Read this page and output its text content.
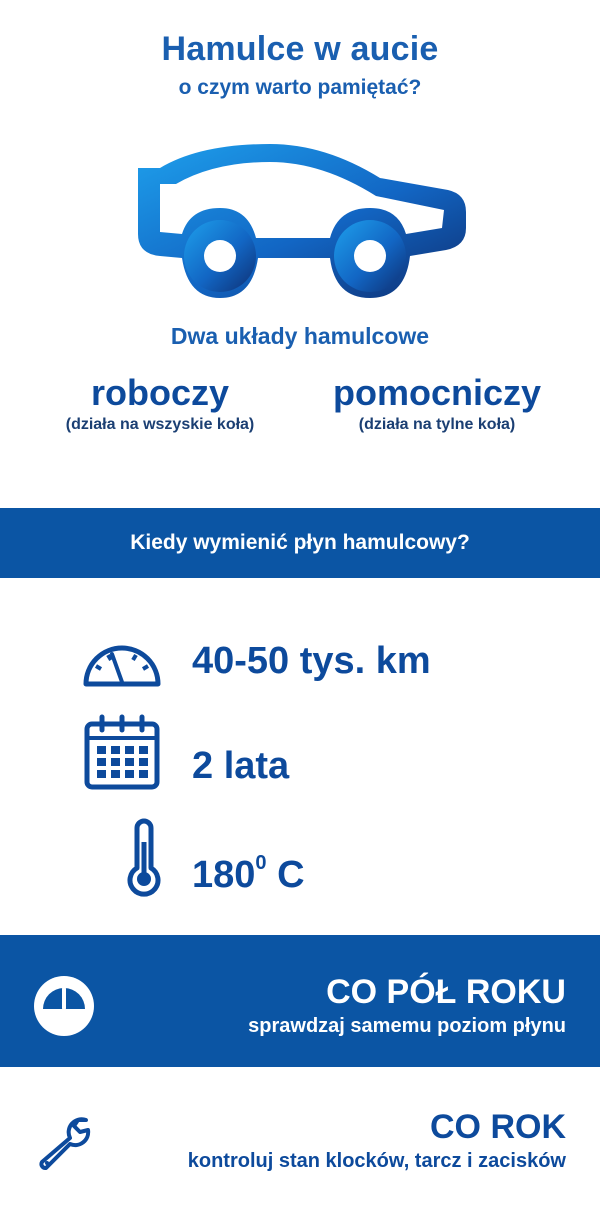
Hamulce w aucie
o czym warto pamiętać?
Dwa układy hamulcowe
roboczy
(działa na wszyskie koła)
pomocniczy
(działa na tylne koła)
Kiedy wymienić płyn hamulcowy?
40-50 tys. km
2 lata
$180^0$ C
CO PÓŁ ROKU
sprawdzaj samemu poziom płynu
CO ROK
kontroluj stan klocków, tarcz i zacisków
